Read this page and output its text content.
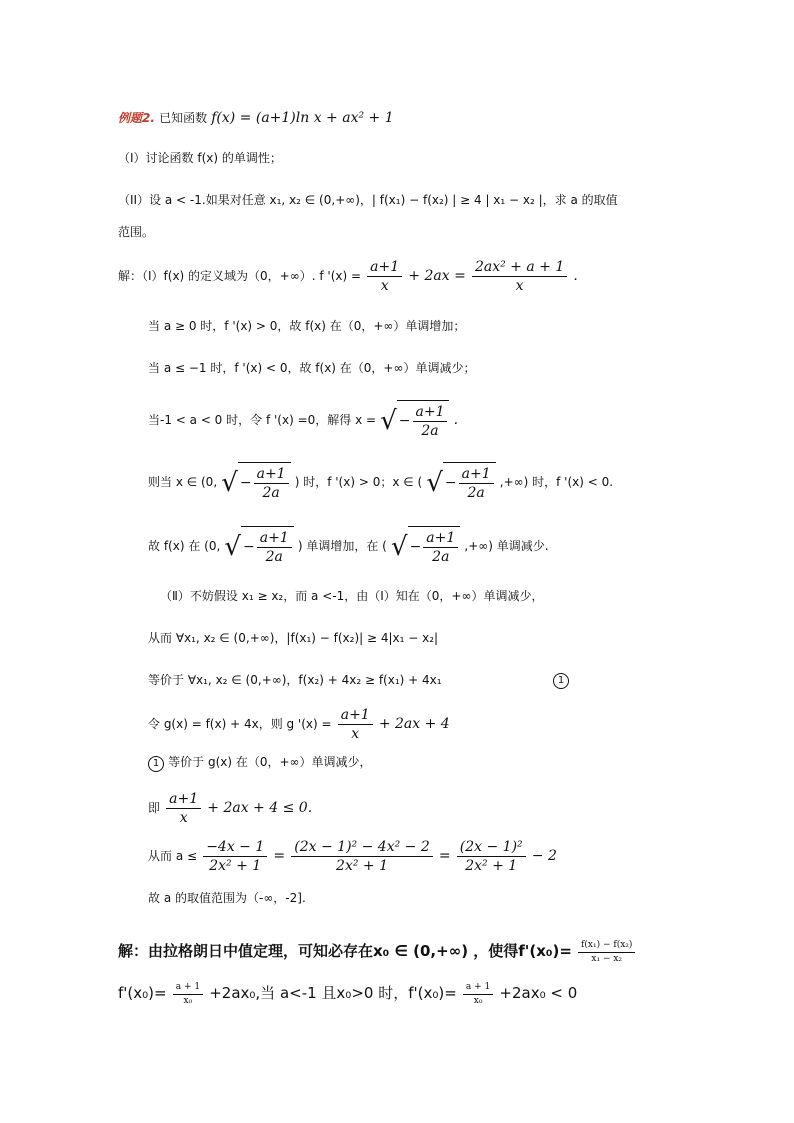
例题2. 已知函数 f(x) = (a+1)ln x + ax² + 1
（I）讨论函数 f(x) 的单调性；
（II）设 a < -1.如果对任意 x₁, x₂ ∈ (0,+∞)，| f(x₁) − f(x₂) | ≥ 4 | x₁ − x₂ |，求 a 的取值
范围。
解：（Ⅰ）f(x) 的定义域为（0，+∞）. f '$(x) = \frac{a+1}{x} + 2ax = \frac{\text{2ax² + a + 1}}{x}$ .
当 a ≥ 0 时，f '(x) > 0，故 f(x) 在（0，+∞）单调增加；
当 a ≤ −1 时，f '(x) < 0，故 f(x) 在（0，+∞）单调减少；
当-1 < a < 0 时，令 f '(x) =0，解得 x = √ − $\frac{a+1}{2a}$ .
则当 x ∈ (0, √ − $\frac{a+1}{2a}$ ) 时，f '(x) > 0；x ∈ ( √ − $\frac{a+1}{2a}$ ,+∞) 时，f '(x) < 0.
故 f(x) 在 (0, √ − $\frac{a+1}{2a}$ ) 单调增加，在 ( √ − $\frac{a+1}{2a}$ ,+∞) 单调减少.
（Ⅱ）不妨假设 x₁ ≥ x₂，而 a <-1，由（Ⅰ）知在（0，+∞）单调减少，
从而 ∀x₁, x₂ ∈ (0,+∞)，|f(x₁) − f(x₂)| ≥ 4|x₁ − x₂|
等价于 ∀x₁, x₂ ∈ (0,+∞)，f(x₂) + 4x₂ ≥ f(x₁) + 4x₁	1
令 g(x) = f(x) + 4x，则 g '$(x) = \frac{a+1}{x} + 2ax + 4$
1 等价于 g(x) 在（0，+∞）单调减少，
即 $\frac{a+1}{x} + 2ax + 4 \le 0$.
从而 $a \le \frac{-4x - 1}{\text{2x² + 1}} = \frac{\text{(2x − 1)² − 4x² − 2}}{\text{2x² + 1}} = \frac{\text{(2x − 1)²}}{\text{2x² + 1}} - 2$
故 a 的取值范围为（-∞，-2].
解：由拉格朗日中值定理，可知必存在x₀ ∈ (0,+∞) ，使得$f'(x_0)= \frac{\text{f(x₁) − f(x₂)}}{\text{x₁ − x₂}}$
$f'(x_0)= \frac{a + 1}{\text{x₀}} +2ax_0$,当 a<-1 且x₀>0 时，$f'(x_0)= \frac{a + 1}{\text{x₀}} +2ax_0 < 0$
